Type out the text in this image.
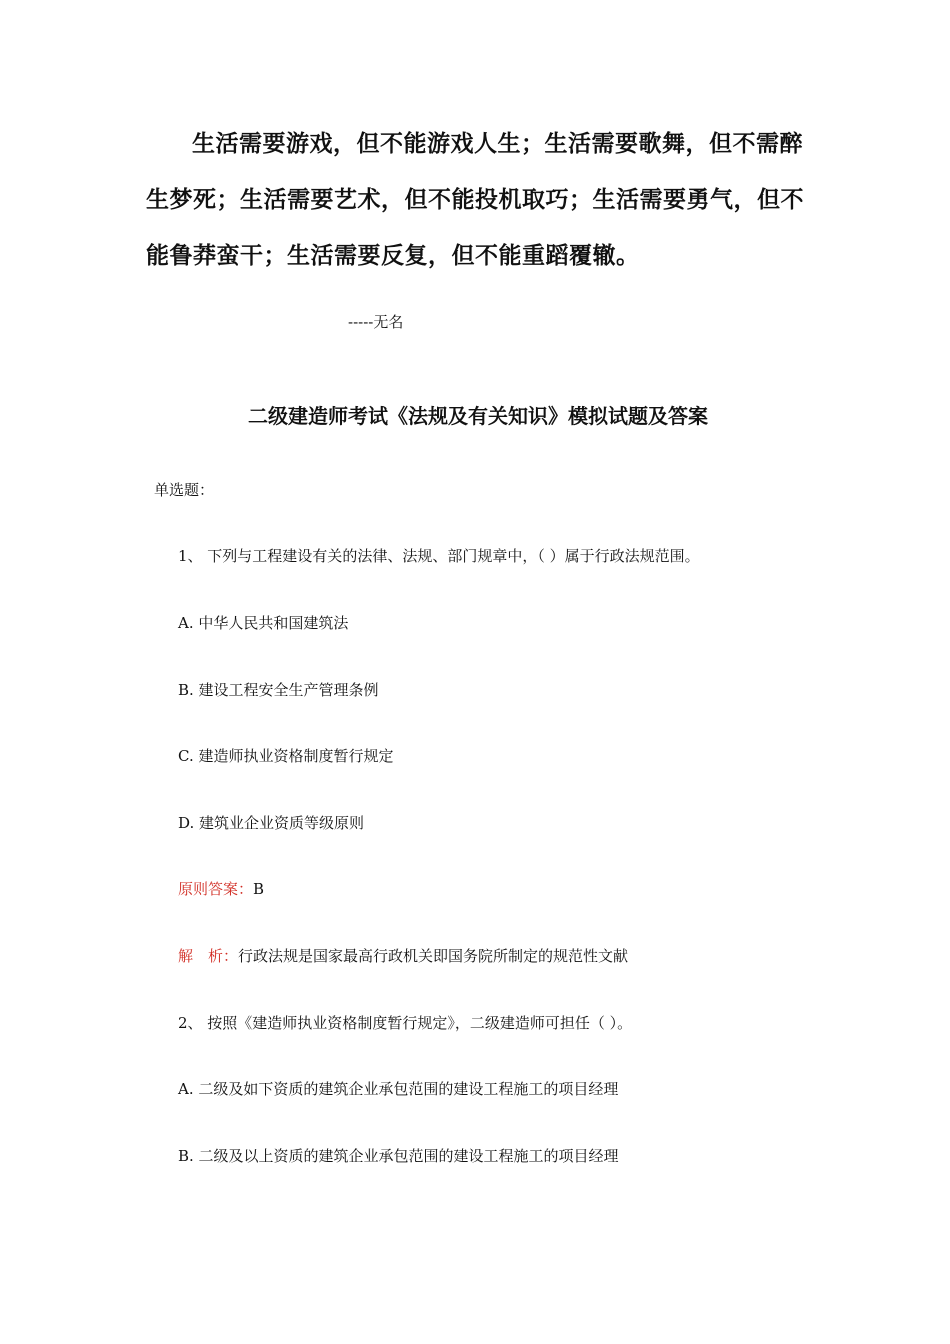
生活需要游戏，但不能游戏人生；生活需要歌舞，但不需醉生梦死；生活需要艺术，但不能投机取巧；生活需要勇气，但不能鲁莽蛮干；生活需要反复，但不能重蹈覆辙。
-----无名
二级建造师考试《法规及有关知识》模拟试题及答案
单选题：
1、 下列与工程建设有关的法律、法规、部门规章中，（ ）属于行政法规范围。
A. 中华人民共和国建筑法
B. 建设工程安全生产管理条例
C. 建造师执业资格制度暂行规定
D. 建筑业企业资质等级原则
原则答案：B
解　析：行政法规是国家最高行政机关即国务院所制定的规范性文献
2、 按照《建造师执业资格制度暂行规定》，二级建造师可担任（ ）。
A. 二级及如下资质的建筑企业承包范围的建设工程施工的项目经理
B. 二级及以上资质的建筑企业承包范围的建设工程施工的项目经理
